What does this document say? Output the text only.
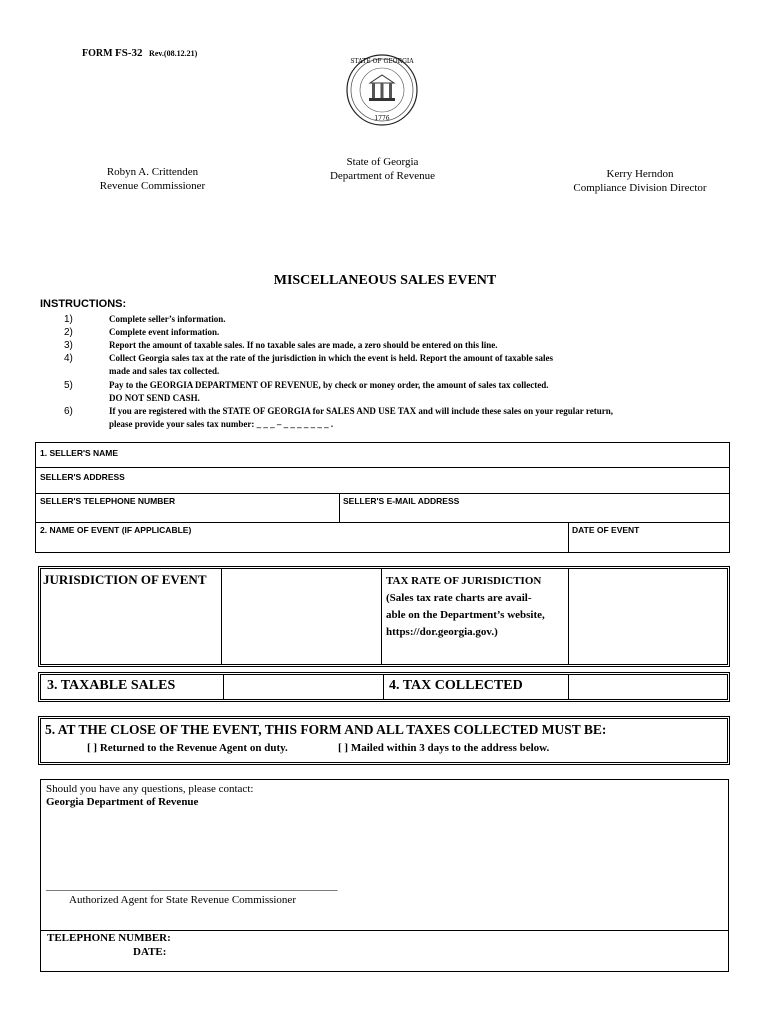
FORM FS-32 Rev.(08.12.21)
STATE OF GEORGIA
1776
Robyn A. Crittenden
Revenue Commissioner
State of Georgia
Department of Revenue	Kerry Herndon
Compliance Division Director
MISCELLANEOUS SALES EVENT
INSTRUCTIONS:
1)	Complete seller’s information.
2)	Complete event information.
3)	Report the amount of taxable sales. If no taxable sales are made, a zero should be entered on this line.
4)	Collect Georgia sales tax at the rate of the jurisdiction in which the event is held. Report the amount of taxable sales
made and sales tax collected.
5)	Pay to the GEORGIA DEPARTMENT OF REVENUE, by check or money order, the amount of sales tax collected.
DO NOT SEND CASH.
6)	If you are registered with the STATE OF GEORGIA for SALES AND USE TAX and will include these sales on your regular return,
please provide your sales tax number: _ _ _ – _ _ _ _ _ _ _ .
1. SELLER'S NAME
SELLER'S ADDRESS
SELLER'S TELEPHONE NUMBER	SELLER'S E-MAIL ADDRESS
2. NAME OF EVENT (IF APPLICABLE)	DATE OF EVENT
JURISDICTION OF EVENT	TAX RATE OF JURISDICTION
(Sales tax rate charts are avail-
able on the Department’s website,
https://dor.georgia.gov.)
3. TAXABLE SALES	4. TAX COLLECTED
5. AT THE CLOSE OF THE EVENT, THIS FORM AND ALL TAXES COLLECTED MUST BE:
[ ] Returned to the Revenue Agent on duty.	[ ] Mailed within 3 days to the address below.
Should you have any questions, please contact:
Georgia Department of Revenue
_____________________________________________________
Authorized Agent for State Revenue Commissioner
TELEPHONE NUMBER:
DATE:
